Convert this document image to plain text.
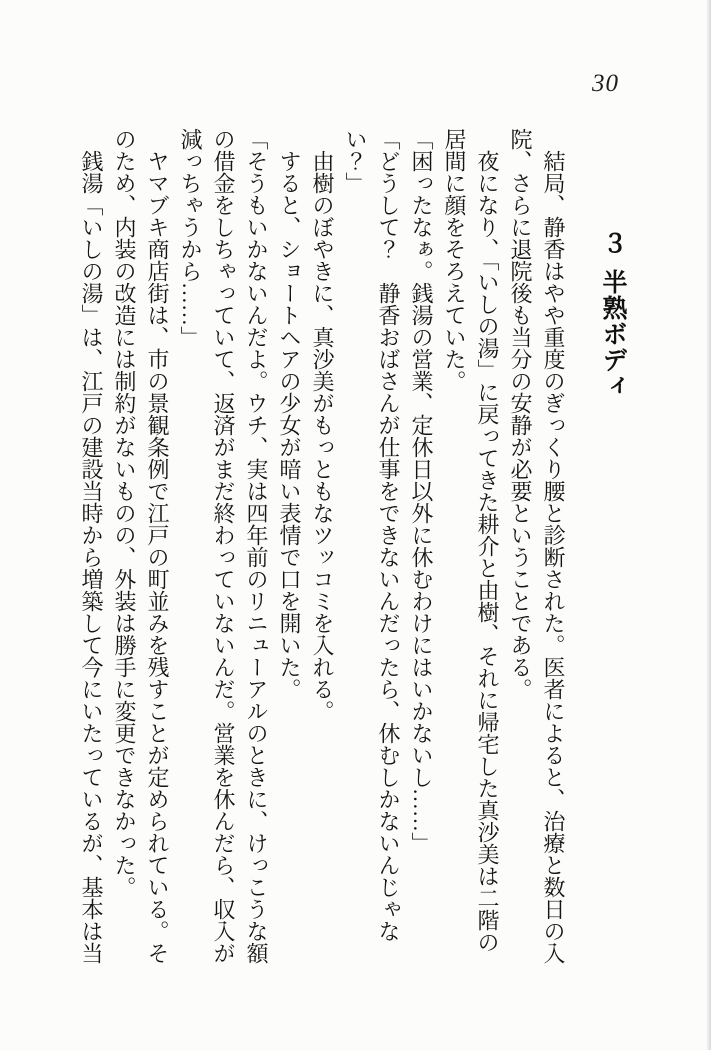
30
３半熟ボディ

結局、静香はやや重度のぎっくり腰と診断された。医者によると、治療と数日の入院、さらに退院後も当分の安静が必要ということである。

夜になり、「いしの湯」に戻ってきた耕介と由樹、それに帰宅した真沙美は二階の居間に顔をそろえていた。

「困ったなぁ。銭湯の営業、定休日以外に休むわけにはいかないし……」

「どうして？　静香おばさんが仕事をできないんだったら、休むしかないんじゃない？」

由樹のぼやきに、真沙美がもっともなツッコミを入れる。

すると、ショートヘアの少女が暗い表情で口を開いた。

「そうもいかないんだよ。ウチ、実は四年前のリニューアルのときに、けっこうな額の借金をしちゃっていて、返済がまだ終わっていないんだ。営業を休んだら、収入が減っちゃうから……」

ヤマブキ商店街は、市の景観条例で江戸の町並みを残すことが定められている。そのため、内装の改造には制約がないものの、外装は勝手に変更できなかった。

銭湯「いしの湯」は、江戸の建設当時から増築して今にいたっているが、基本は当
